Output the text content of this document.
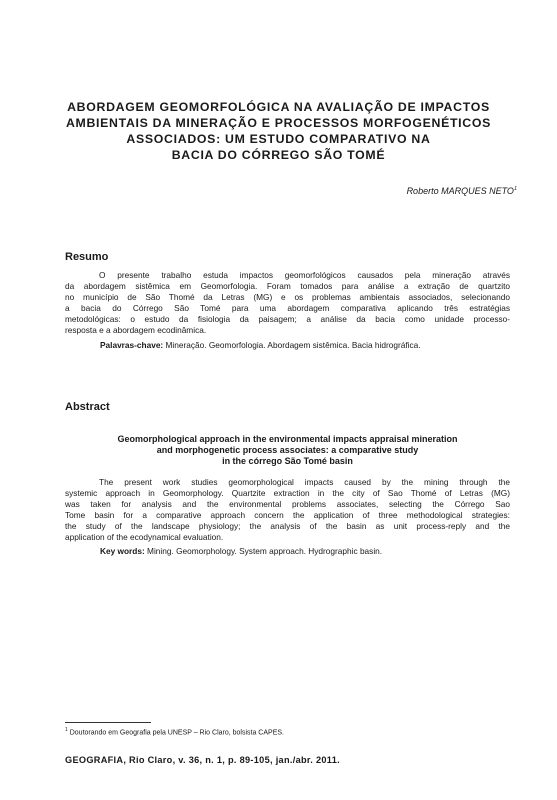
ABORDAGEM GEOMORFOLÓGICA NA AVALIAÇÃO DE IMPACTOS
AMBIENTAIS DA MINERAÇÃO E PROCESSOS MORFOGENÉTICOS
ASSOCIADOS: UM ESTUDO COMPARATIVO NA
BACIA DO CÓRREGO SÃO TOMÉ
Roberto MARQUES NETO$^1$
Resumo
O presente trabalho estuda impactos geomorfológicos causados pela mineração através
da abordagem sistêmica em Geomorfologia. Foram tomados para análise a extração de quartzito
no município de São Thomé da Letras (MG) e os problemas ambientais associados, selecionando
a bacia do Córrego São Tomé para uma abordagem comparativa aplicando três estratégias
metodológicas: o estudo da fisiologia da paisagem; a análise da bacia como unidade processo-
resposta e a abordagem ecodinâmica.
Palavras-chave: Mineração. Geomorfologia. Abordagem sistêmica. Bacia hidrográfica.
Abstract
Geomorphological approach in the environmental impacts appraisal mineration
and morphogenetic process associates: a comparative study
in the córrego São Tomé basin
The present work studies geomorphological impacts caused by the mining through the
systemic approach in Geomorphology. Quartzite extraction in the city of Sao Thomé of Letras (MG)
was taken for analysis and the environmental problems associates, selecting the Córrego Sao
Tome basin for a comparative approach concern the application of three methodological strategies:
the study of the landscape physiology; the analysis of the basin as unit process-reply and the
application of the ecodynamical evaluation.
Key words: Mining. Geomorphology. System approach. Hydrographic basin.
$^1$ Doutorando em Geografia pela UNESP – Rio Claro, bolsista CAPES.
GEOGRAFIA, Rio Claro, v. 36, n. 1, p. 89-105, jan./abr. 2011.
